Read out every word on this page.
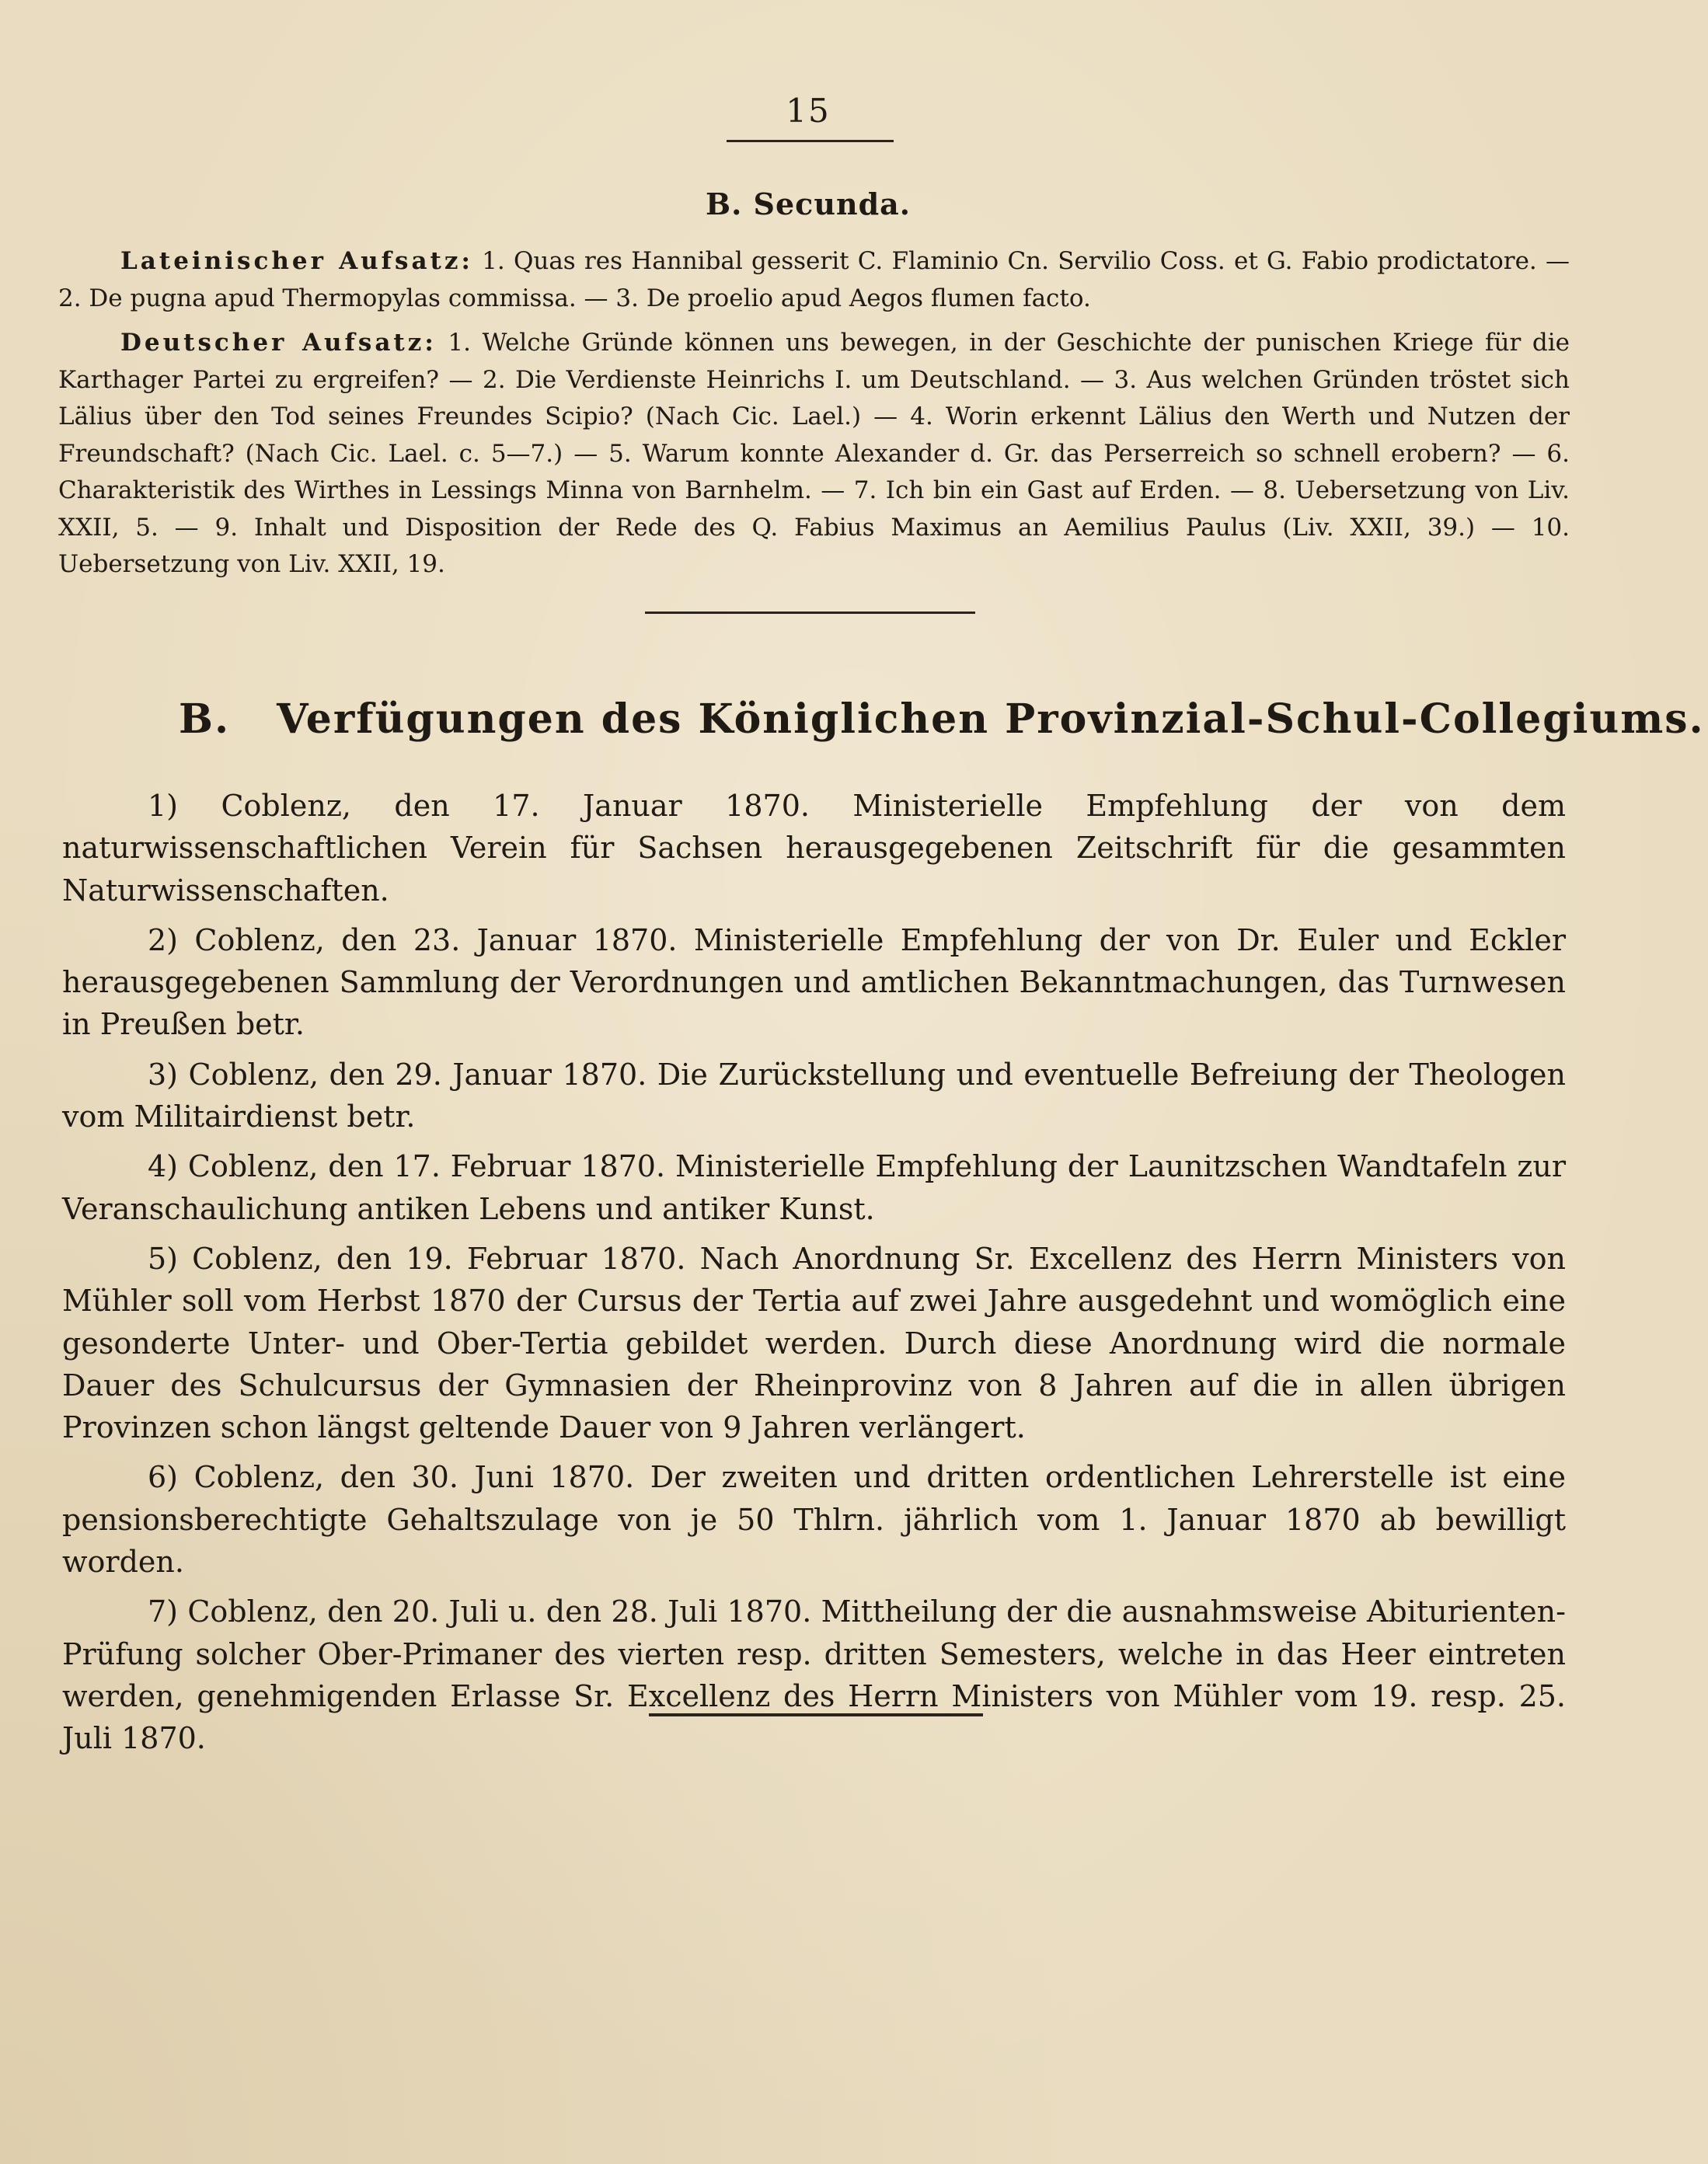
15
B. Secunda.

Lateinischer Aufsatz: 1. Quas res Hannibal gesserit C. Flaminio Cn. Servilio Coss. et G. Fabio prodictatore. — 2. De pugna apud Thermopylas commissa. — 3. De proelio apud Aegos flumen facto.

Deutscher Aufsatz: 1. Welche Gründe können uns bewegen, in der Geschichte der punischen Kriege für die Karthager Partei zu ergreifen? — 2. Die Verdienste Heinrichs I. um Deutschland. — 3. Aus welchen Gründen tröstet sich Lälius über den Tod seines Freundes Scipio? (Nach Cic. Lael.) — 4. Worin erkennt Lälius den Werth und Nutzen der Freundschaft? (Nach Cic. Lael. c. 5—7.) — 5. Warum konnte Alexander d. Gr. das Perserreich so schnell erobern? — 6. Charakteristik des Wirthes in Lessings Minna von Barnhelm. — 7. Ich bin ein Gast auf Erden. — 8. Uebersetzung von Liv. XXII, 5. — 9. Inhalt und Disposition der Rede des Q. Fabius Maximus an Aemilius Paulus (Liv. XXII, 39.) — 10. Uebersetzung von Liv. XXII, 19.

B. Verfügungen des Königlichen Provinzial-Schul-Collegiums.

1) Coblenz, den 17. Januar 1870. Ministerielle Empfehlung der von dem naturwissenschaftlichen Verein für Sachsen herausgegebenen Zeitschrift für die gesammten Naturwissenschaften.

2) Coblenz, den 23. Januar 1870. Ministerielle Empfehlung der von Dr. Euler und Eckler herausgegebenen Sammlung der Verordnungen und amtlichen Bekanntmachungen, das Turnwesen in Preußen betr.

3) Coblenz, den 29. Januar 1870. Die Zurückstellung und eventuelle Befreiung der Theologen vom Militairdienst betr.

4) Coblenz, den 17. Februar 1870. Ministerielle Empfehlung der Launitzschen Wandtafeln zur Veranschaulichung antiken Lebens und antiker Kunst.

5) Coblenz, den 19. Februar 1870. Nach Anordnung Sr. Excellenz des Herrn Ministers von Mühler soll vom Herbst 1870 der Cursus der Tertia auf zwei Jahre ausgedehnt und womöglich eine gesonderte Unter- und Ober-Tertia gebildet werden. Durch diese Anordnung wird die normale Dauer des Schulcursus der Gymnasien der Rheinprovinz von 8 Jahren auf die in allen übrigen Provinzen schon längst geltende Dauer von 9 Jahren verlängert.

6) Coblenz, den 30. Juni 1870. Der zweiten und dritten ordentlichen Lehrerstelle ist eine pensionsberechtigte Gehaltszulage von je 50 Thlrn. jährlich vom 1. Januar 1870 ab bewilligt worden.

7) Coblenz, den 20. Juli u. den 28. Juli 1870. Mittheilung der die ausnahmsweise Abiturienten-Prüfung solcher Ober-Primaner des vierten resp. dritten Semesters, welche in das Heer eintreten werden, genehmigenden Erlasse Sr. Excellenz des Herrn Ministers von Mühler vom 19. resp. 25. Juli 1870.
